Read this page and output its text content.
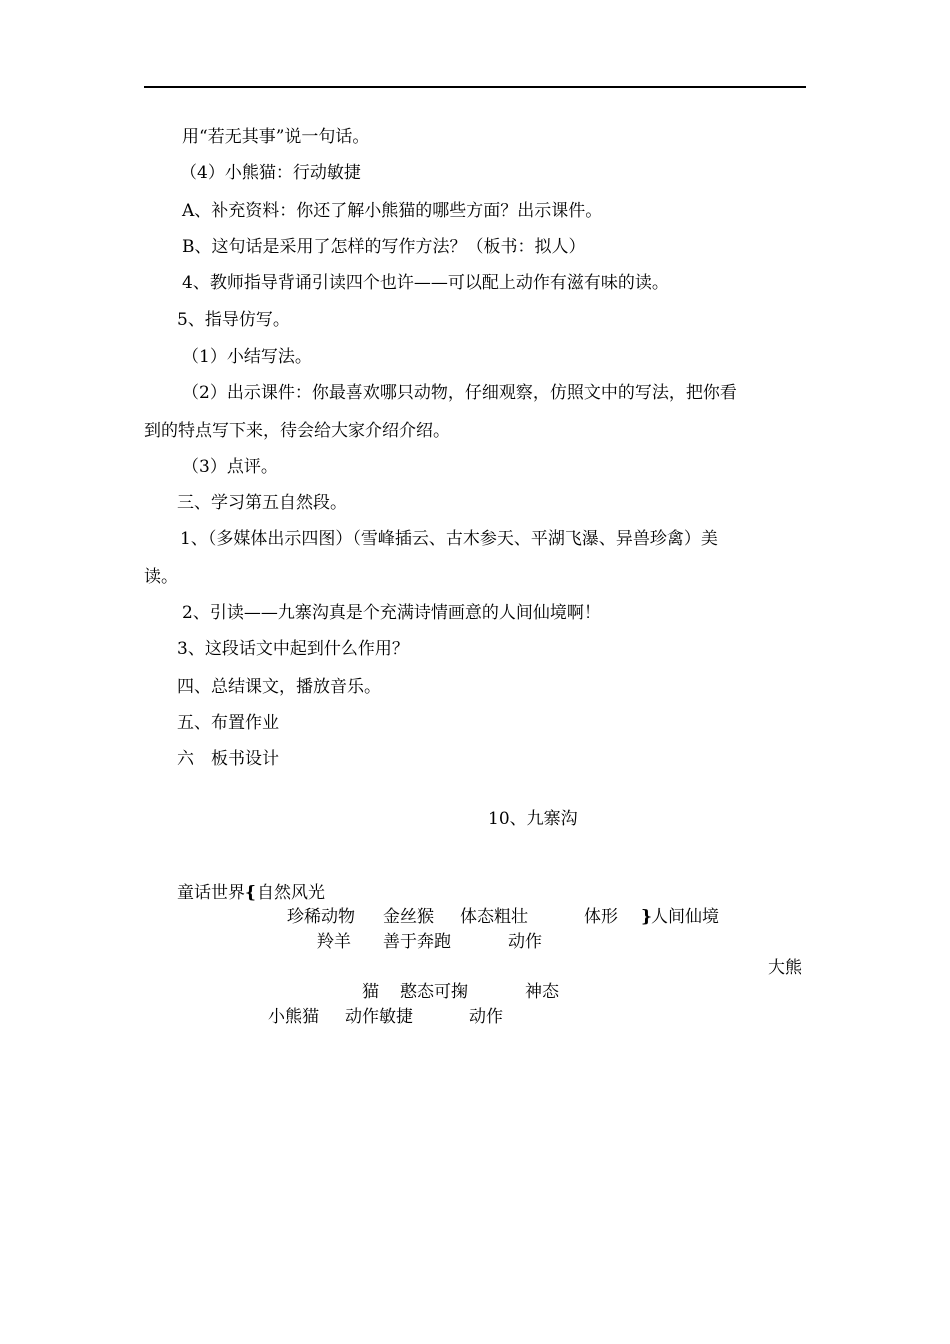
用“若无其事”说一句话。
（4）小熊猫：行动敏捷
A、补充资料：你还了解小熊猫的哪些方面？出示课件。
B、这句话是采用了怎样的写作方法？（板书：拟人）
4、教师指导背诵引读四个也许——可以配上动作有滋有味的读。
5、指导仿写。
（1）小结写法。
（2）出示课件：你最喜欢哪只动物，仔细观察，仿照文中的写法，把你看
到的特点写下来，待会给大家介绍介绍。
（3）点评。
三、学习第五自然段。
1、（多媒体出示四图）（雪峰插云、古木参天、平湖飞瀑、异兽珍禽）美
读。
2、引读——九寨沟真是个充满诗情画意的人间仙境啊！
3、这段话文中起到什么作用？
四、总结课文，播放音乐。
五、布置作业
六　板书设计
10、九寨沟
童话世界 { 自然风光
珍稀动物 金丝猴 体态粗壮	体形 } 人间仙境
羚羊 善于奔跑	动作
大熊
猫 憨态可掬	神态
小熊猫 动作敏捷	动作
